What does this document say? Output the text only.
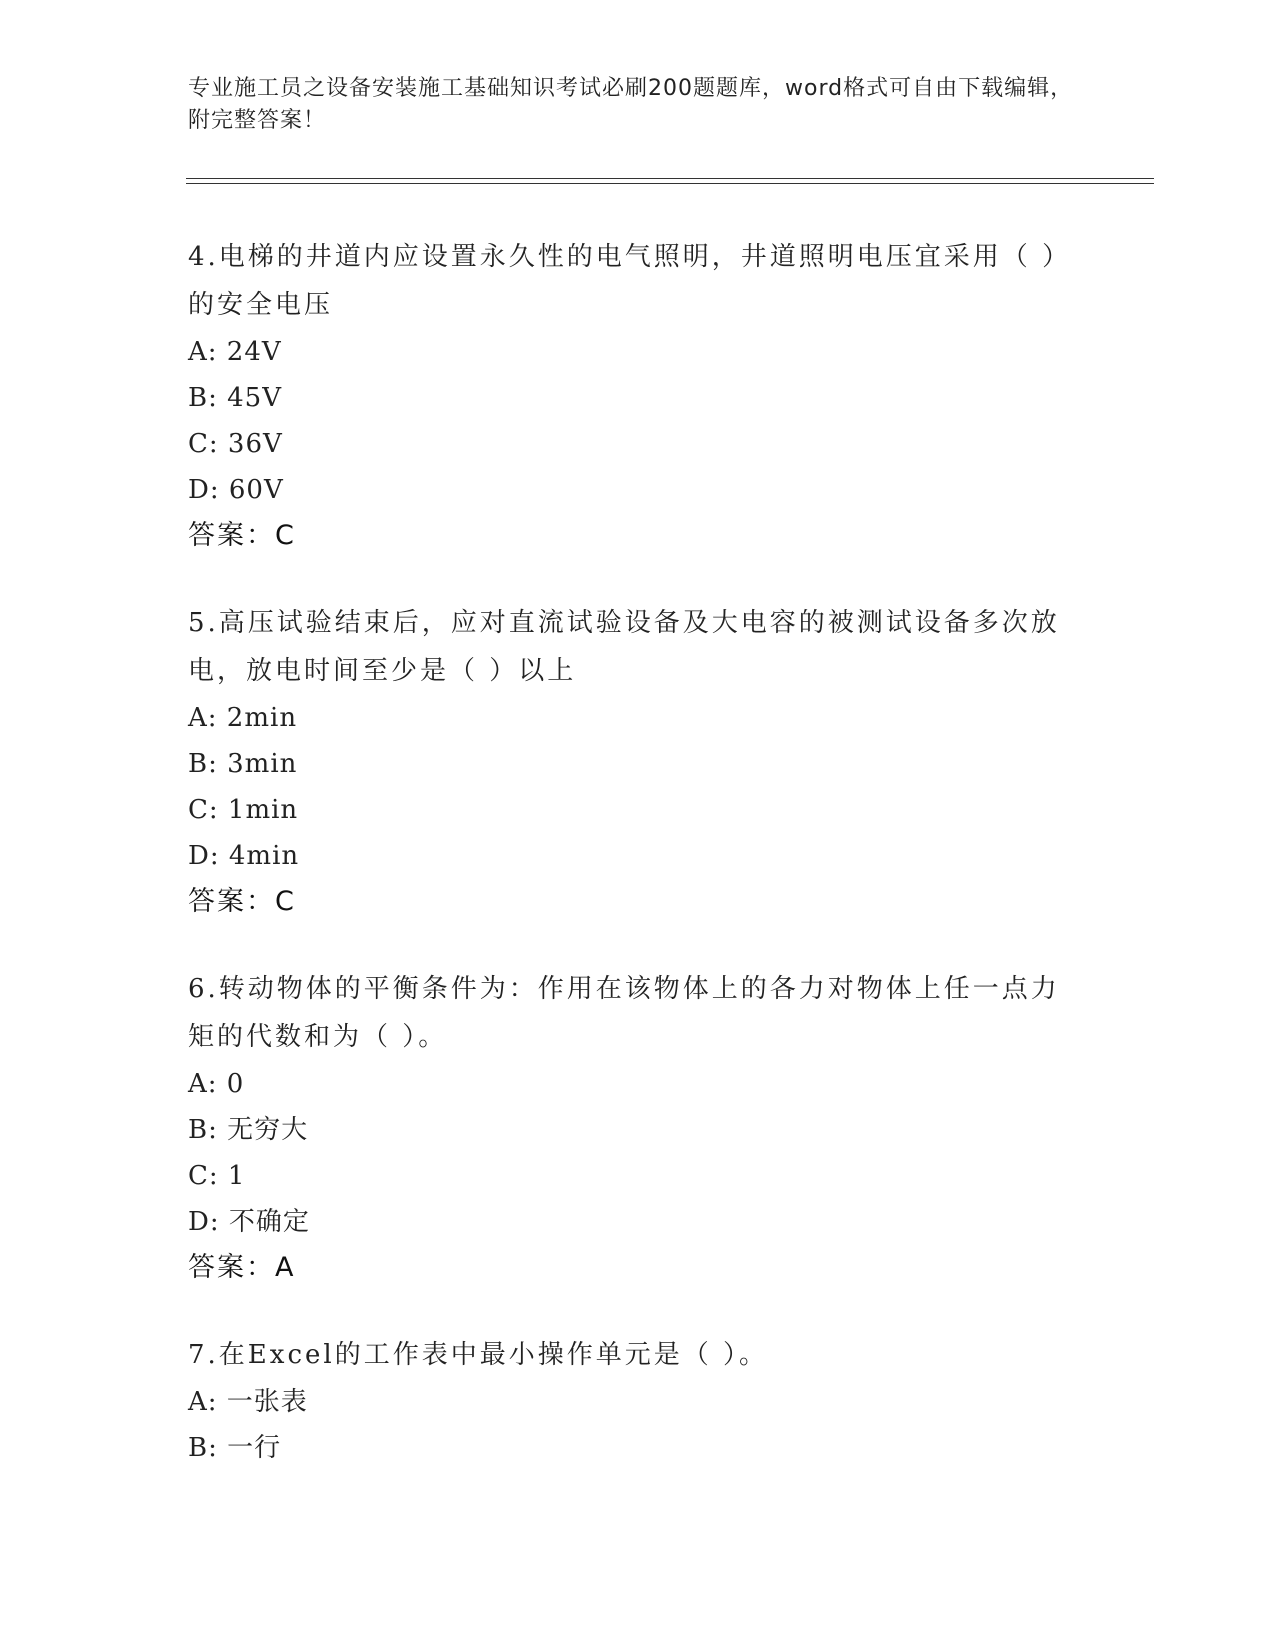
专业施工员之设备安装施工基础知识考试必刷200题题库，word格式可自由下载编辑，附完整答案！

4.电梯的井道内应设置永久性的电气照明，井道照明电压宜采用（ ）的安全电压

A: 24V

B: 45V

C: 36V

D: 60V

答案：C

5.高压试验结束后，应对直流试验设备及大电容的被测试设备多次放电，放电时间至少是（ ）以上

A: 2min

B: 3min

C: 1min

D: 4min

答案：C

6.转动物体的平衡条件为：作用在该物体上的各力对物体上任一点力矩的代数和为（ ）。

A: 0

B: 无穷大

C: 1

D: 不确定

答案：A

7.在Excel的工作表中最小操作单元是（ ）。

A: 一张表

B: 一行
